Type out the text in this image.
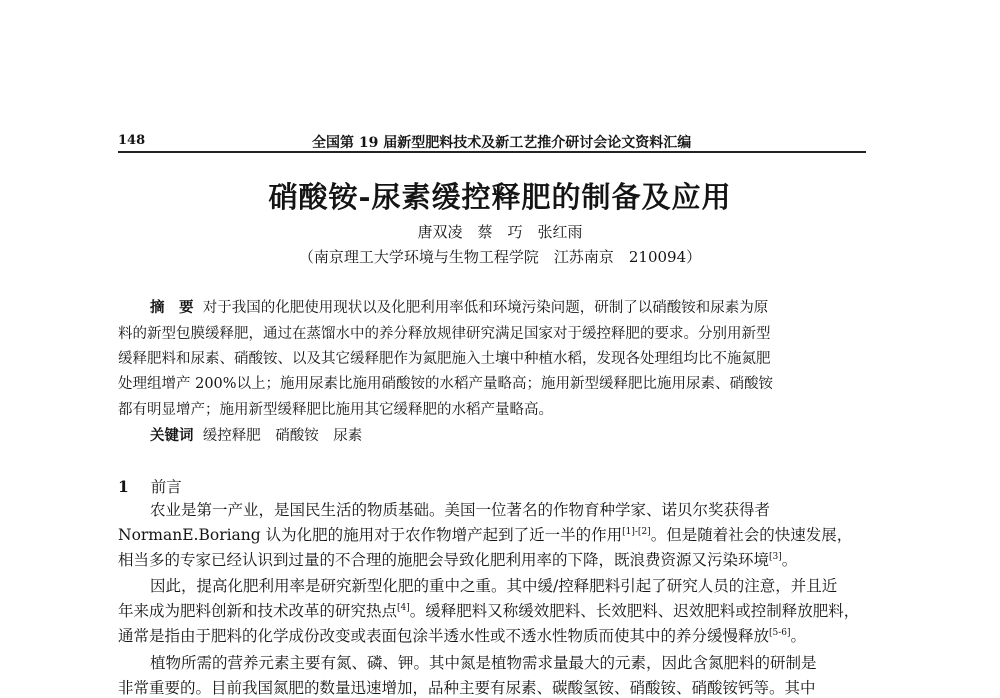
148	全国第 19 届新型肥料技术及新工艺推介研讨会论文资料汇编
硝酸铵-尿素缓控释肥的制备及应用
唐双凌　蔡　巧　张红雨
（南京理工大学环境与生物工程学院　江苏南京　210094）
摘　要 对于我国的化肥使用现状以及化肥利用率低和环境污染问题，研制了以硝酸铵和尿素为原
料的新型包膜缓释肥，通过在蒸馏水中的养分释放规律研究满足国家对于缓控释肥的要求。分别用新型
缓释肥料和尿素、硝酸铵、以及其它缓释肥作为氮肥施入土壤中种植水稻，发现各处理组均比不施氮肥
处理组增产 200%以上；施用尿素比施用硝酸铵的水稻产量略高；施用新型缓释肥比施用尿素、硝酸铵
都有明显增产；施用新型缓释肥比施用其它缓释肥的水稻产量略高。
关键词 缓控释肥　硝酸铵　尿素
1 前言
农业是第一产业，是国民生活的物质基础。美国一位著名的作物育种学家、诺贝尔奖获得者
NormanE.Boriang 认为化肥的施用对于农作物增产起到了近一半的作用[1]-[2]。但是随着社会的快速发展，
相当多的专家已经认识到过量的不合理的施肥会导致化肥利用率的下降，既浪费资源又污染环境[3]。
因此，提高化肥利用率是研究新型化肥的重中之重。其中缓/控释肥料引起了研究人员的注意，并且近
年来成为肥料创新和技术改革的研究热点[4]。缓释肥料又称缓效肥料、长效肥料、迟效肥料或控制释放肥料，
通常是指由于肥料的化学成份改变或表面包涂半透水性或不透水性物质而使其中的养分缓慢释放[5-6]。
植物所需的营养元素主要有氮、磷、钾。其中氮是植物需求量最大的元素，因此含氮肥料的研制是
非常重要的。目前我国氮肥的数量迅速增加，品种主要有尿素、碳酸氢铵、硝酸铵、硝酸铵钙等。其中
